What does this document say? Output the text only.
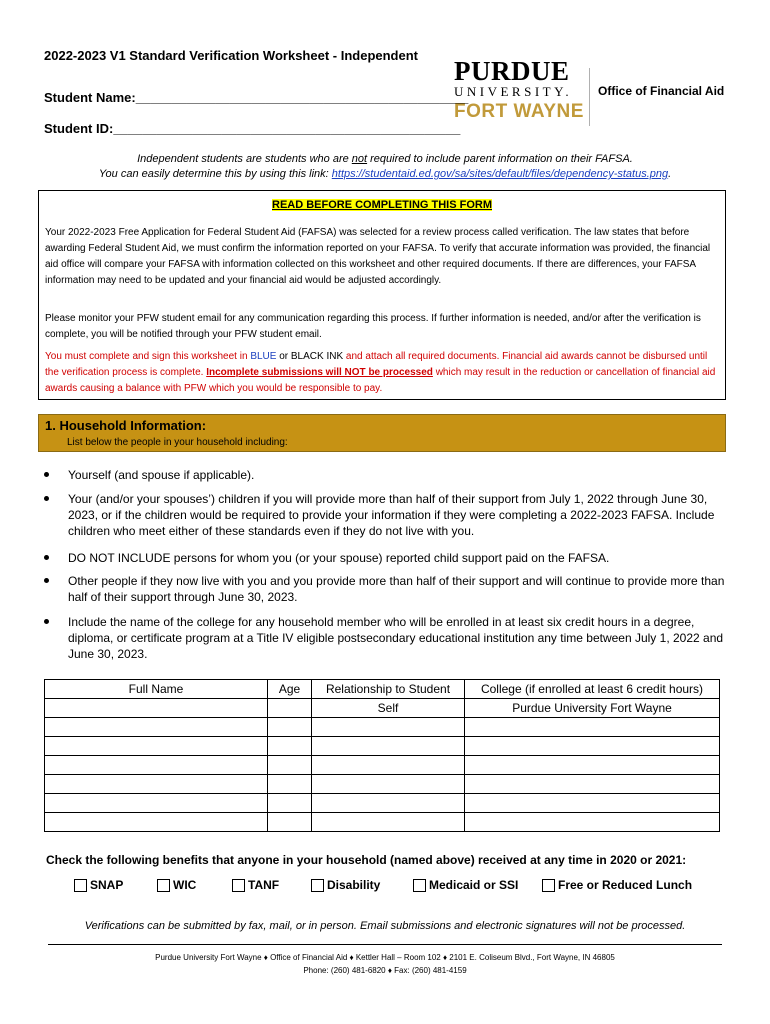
2022-2023 V1 Standard Verification Worksheet - Independent
Student Name:______________________________________________
Student ID:________________________________________________
PURDUE
UNIVERSITY.
FORT WAYNE
Office of Financial Aid
Independent students are students who are not required to include parent information on their FAFSA.
You can easily determine this by using this link: https://studentaid.ed.gov/sa/sites/default/files/dependency-status.png.
READ BEFORE COMPLETING THIS FORM
Your 2022-2023 Free Application for Federal Student Aid (FAFSA) was selected for a review process called verification. The law states that before awarding Federal Student Aid, we must confirm the information reported on your FAFSA. To verify that accurate information was provided, the financial aid office will compare your FAFSA with information collected on this worksheet and other required documents. If there are differences, your FAFSA information may need to be updated and your financial aid would be adjusted accordingly.
Please monitor your PFW student email for any communication regarding this process. If further information is needed, and/or after the verification is complete, you will be notified through your PFW student email.
You must complete and sign this worksheet in BLUE or BLACK INK and attach all required documents. Financial aid awards cannot be disbursed until the verification process is complete. Incomplete submissions will NOT be processed which may result in the reduction or cancellation of financial aid awards causing a balance with PFW which you would be responsible to pay.
1. Household Information:
List below the people in your household including:
Yourself (and spouse if applicable).
Your (and/or your spouses’) children if you will provide more than half of their support from July 1, 2022 through June 30, 2023, or if the children would be required to provide your information if they were completing a 2022-2023 FAFSA. Include children who meet either of these standards even if they do not live with you.
DO NOT INCLUDE persons for whom you (or your spouse) reported child support paid on the FAFSA.
Other people if they now live with you and you provide more than half of their support and will continue to provide more than half of their support through June 30, 2023.
Include the name of the college for any household member who will be enrolled in at least six credit hours in a degree, diploma, or certificate program at a Title IV eligible postsecondary educational institution any time between July 1, 2022 and June 30, 2023.
Full Name	Age	Relationship to Student	College (if enrolled at least 6 credit hours)
		Self	Purdue University Fort Wayne

Check the following benefits that anyone in your household (named above) received at any time in 2020 or 2021:
SNAP	WIC	TANF	Disability	Medicaid or SSI	Free or Reduced Lunch
Verifications can be submitted by fax, mail, or in person. Email submissions and electronic signatures will not be processed.
Purdue University Fort Wayne ♦ Office of Financial Aid ♦ Kettler Hall – Room 102 ♦ 2101 E. Coliseum Blvd., Fort Wayne, IN 46805
Phone: (260) 481-6820 ♦ Fax: (260) 481-4159
